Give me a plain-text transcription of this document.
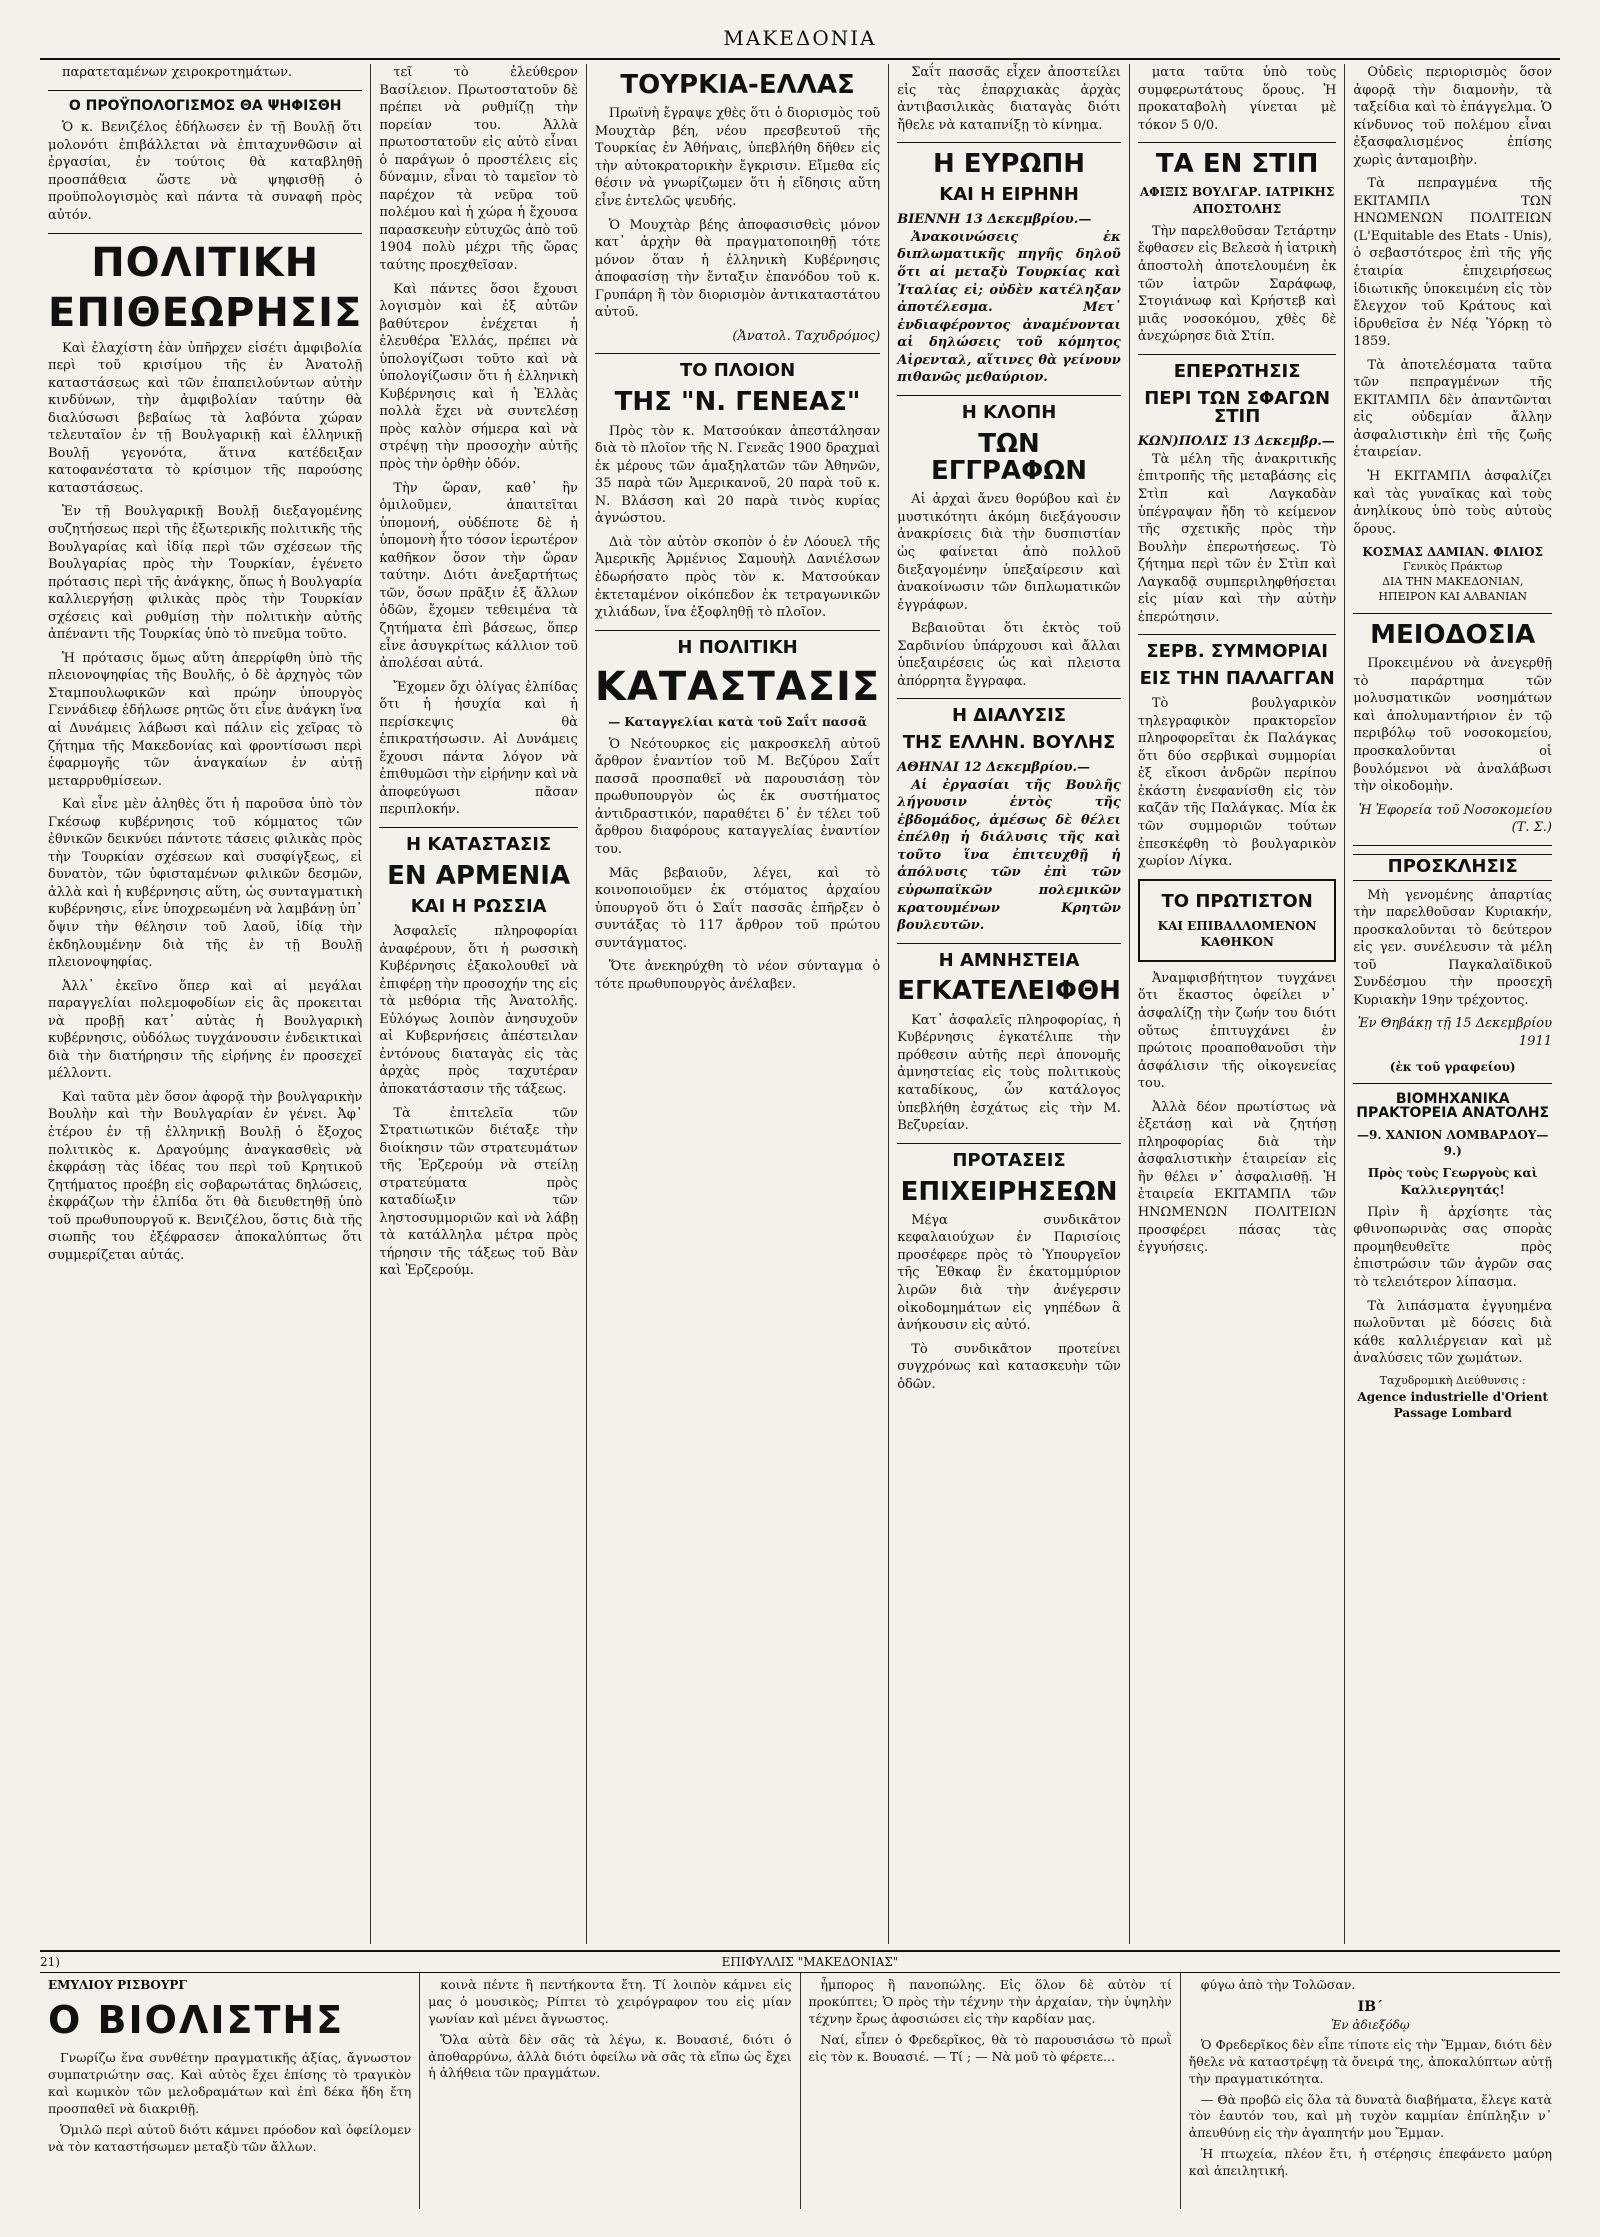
ΜΑΚΕΔΟΝΙΑ

παρατεταμένων χειροκροτημάτων.

Ο ΠΡΟΫΠΟΛΟΓΙΣΜΟΣ ΘΑ ΨΗΦΙΣΘΗ

Ὁ κ. Βενιζέλος ἐδήλωσεν ἐν τῇ Βουλῇ ὅτι μολονότι ἐπιβάλλεται νὰ ἐπιταχυνθῶσιν αἱ ἐργασίαι, ἐν τούτοις θὰ καταβληθῇ προσπάθεια ὥστε νὰ ψηφισθῇ ὁ προϋπολογισμὸς καὶ πάντα τὰ συναφῆ πρὸς αὐτόν.

ΠΟΛΙΤΙΚΗ
ΕΠΙΘΕΩΡΗΣΙΣ

Καὶ ἐλαχίστη ἐὰν ὑπῆρχεν εἰσέτι ἀμφιβολία περὶ τοῦ κρισίμου τῆς ἐν Ἀνατολῇ καταστάσεως καὶ τῶν ἐπαπειλούντων αὐτὴν κινδύνων, τὴν ἀμφιβολίαν ταύτην θὰ διαλύσωσι βεβαίως τὰ λαβόντα χώραν τελευταῖον ἐν τῇ Βουλγαρικῇ καὶ ἑλληνικῇ Βουλῇ γεγονότα, ἅτινα κατέδειξαν κατοφανέστατα τὸ κρίσιμον τῆς παρούσης καταστάσεως.

Ἐν τῇ Βουλγαρικῇ Βουλῇ διεξαγομένης συζητήσεως περὶ τῆς ἐξωτερικῆς πολιτικῆς τῆς Βουλγαρίας καὶ ἰδίᾳ περὶ τῶν σχέσεων τῆς Βουλγαρίας πρὸς τὴν Τουρκίαν, ἐγένετο πρότασις περὶ τῆς ἀνάγκης, ὅπως ἡ Βουλγαρία καλλιεργήσῃ φιλικὰς πρὸς τὴν Τουρκίαν σχέσεις καὶ ρυθμίσῃ τὴν πολιτικὴν αὐτῆς ἀπέναντι τῆς Τουρκίας ὑπὸ τὸ πνεῦμα τοῦτο.

Ἡ πρότασις ὅμως αὕτη ἀπερρίφθη ὑπὸ τῆς πλειονοψηφίας τῆς Βουλῆς, ὁ δὲ ἀρχηγὸς τῶν Σταμπουλωφικῶν καὶ πρώην ὑπουργὸς Γεννάδιεφ ἐδήλωσε ρητῶς ὅτι εἶνε ἀνάγκη ἵνα αἱ Δυνάμεις λάβωσι καὶ πάλιν εἰς χεῖρας τὸ ζήτημα τῆς Μακεδονίας καὶ φροντίσωσι περὶ ἐφαρμογῆς τῶν ἀναγκαίων ἐν αὐτῇ μεταρρυθμίσεων.

Καὶ εἶνε μὲν ἀληθὲς ὅτι ἡ παροῦσα ὑπὸ τὸν Γκέσωφ κυβέρνησις τοῦ κόμματος τῶν ἐθνικῶν δεικνύει πάντοτε τάσεις φιλικὰς πρὸς τὴν Τουρκίαν σχέσεων καὶ συσφίγξεως, εἰ δυνατὸν, τῶν ὑφισταμένων φιλικῶν δεσμῶν, ἀλλὰ καὶ ἡ κυβέρνησις αὕτη, ὡς συνταγματικὴ κυβέρνησις, εἶνε ὑποχρεωμένη νὰ λαμβάνῃ ὑπ᾽ ὄψιν τὴν θέλησιν τοῦ λαοῦ, ἰδίᾳ τὴν ἐκδηλουμένην διὰ τῆς ἐν τῇ Βουλῇ πλειονοψηφίας.

Ἀλλ᾽ ἐκεῖνο ὅπερ καὶ αἱ μεγάλαι παραγγελίαι πολεμοφοδίων εἰς ἃς προκειται νὰ προβῇ κατ᾽ αὐτὰς ἡ Βουλγαρικὴ κυβέρνησις, οὐδόλως τυγχάνουσιν ἐνδεικτικαὶ διὰ τὴν διατήρησιν τῆς εἰρήνης ἐν προσεχεῖ μέλλοντι.

Καὶ ταῦτα μὲν ὅσον ἀφορᾷ τὴν βουλγαρικὴν Βουλὴν καὶ τὴν Βουλγαρίαν ἐν γένει. Ἀφ᾽ ἑτέρου ἐν τῇ ἑλληνικῇ Βουλῇ ὁ ἔξοχος πολιτικὸς κ. Δραγούμης ἀναγκασθεὶς νὰ ἐκφράσῃ τὰς ἰδέας του περὶ τοῦ Κρητικοῦ ζητήματος προέβη εἰς σοβαρωτάτας δηλώσεις, ἐκφράζων τὴν ἐλπίδα ὅτι θὰ διευθετηθῇ ὑπὸ τοῦ πρωθυπουργοῦ κ. Βενιζέλου, ὅστις διὰ τῆς σιωπῆς του ἐξέφρασεν ἀποκαλύπτως ὅτι συμμερίζεται αὐτάς.

τεῖ τὸ ἐλεύθερον Βασίλειον. Πρωτοστατοῦν δὲ πρέπει νὰ ρυθμίζῃ τὴν πορείαν του. Ἀλλὰ πρωτοστατοῦν εἰς αὐτὸ εἶναι ὁ παράγων ὁ προστέλεις εἰς δύναμιν, εἶναι τὸ ταμεῖον τὸ παρέχον τὰ νεῦρα τοῦ πολέμου καὶ ἡ χώρα ἡ ἔχουσα παρασκευὴν εὐτυχῶς ἀπὸ τοῦ 1904 πολὺ μέχρι τῆς ὥρας ταύτης προεχθεῖσαν.

Καὶ πάντες ὅσοι ἔχουσι λογισμὸν καὶ ἐξ αὐτῶν βαθύτερον ἐνέχεται ἡ ἐλευθέρα Ἑλλάς, πρέπει νὰ ὑπολογίζωσι τοῦτο καὶ νὰ ὑπολογίζωσιν ὅτι ἡ ἑλληνικὴ Κυβέρνησις καὶ ἡ Ἑλλὰς πολλὰ ἔχει νὰ συντελέσῃ πρὸς καλὸν σήμερα καὶ νὰ στρέψῃ τὴν προσοχὴν αὐτῆς πρὸς τὴν ὀρθὴν ὁδόν.

Τὴν ὥραν, καθ᾽ ἣν ὁμιλοῦμεν, ἀπαιτεῖται ὑπομονή, οὐδέποτε δὲ ἡ ὑπομονὴ ἦτο τόσον ἱερωτέρον καθῆκον ὅσον τὴν ὥραν ταύτην. Διότι ἀνεξαρτήτως τῶν, ὅσων πρᾶξιν ἐξ ἄλλων ὁδῶν, ἔχομεν τεθειμένα τὰ ζητήματα ἐπὶ βάσεως, ὅπερ εἶνε ἀσυγκρίτως κάλλιον τοῦ ἀπολέσαι αὐτά.

Ἔχομεν ὄχι ὀλίγας ἐλπίδας ὅτι ἡ ἡσυχία καὶ ἡ περίσκεψις θὰ ἐπικρατήσωσιν. Αἱ Δυνάμεις ἔχουσι πάντα λόγον νὰ ἐπιθυμῶσι τὴν εἰρήνην καὶ νὰ ἀποφεύγωσι πᾶσαν περιπλοκήν.

Η ΚΑΤΑΣΤΑΣΙΣ
ΕΝ ΑΡΜΕΝΙΑ
ΚΑΙ Η ΡΩΣΣΙΑ

Ἀσφαλεῖς πληροφορίαι ἀναφέρουν, ὅτι ἡ ρωσσικὴ Κυβέρνησις ἐξακολουθεῖ νὰ ἐπιφέρῃ τὴν προσοχήν της εἰς τὰ μεθόρια τῆς Ἀνατολῆς. Εὐλόγως λοιπὸν ἀνησυχοῦν αἱ Κυβερνήσεις ἀπέστειλαν ἐντόνους διαταγὰς εἰς τὰς ἀρχὰς πρὸς ταχυτέραν ἀποκατάστασιν τῆς τάξεως.

Τὰ ἐπιτελεῖα τῶν Στρατιωτικῶν διέταξε τὴν διοίκησιν τῶν στρατευμάτων τῆς Ἐρζερούμ νὰ στείλῃ στρατεύματα πρὸς καταδίωξιν τῶν ληστοσυμμοριῶν καὶ νὰ λάβῃ τὰ κατάλληλα μέτρα πρὸς τήρησιν τῆς τάξεως τοῦ Βὰν καὶ Ἐρζερούμ.

ΤΟΥΡΚΙΑ-ΕΛΛΑΣ

Πρωϊνὴ ἔγραψε χθὲς ὅτι ὁ διορισμὸς τοῦ Μουχτὰρ βέη, νέου πρεσβευτοῦ τῆς Τουρκίας ἐν Ἀθήναις, ὑπεβλήθη δῆθεν εἰς τὴν αὐτοκρατορικὴν ἔγκρισιν. Εἴμεθα εἰς θέσιν νὰ γνωρίζωμεν ὅτι ἡ εἴδησις αὕτη εἶνε ἐντελῶς ψευδής.

Ὁ Μουχτὰρ βέης ἀποφασισθεὶς μόνον κατ᾽ ἀρχὴν θὰ πραγματοποιηθῇ τότε μόνον ὅταν ἡ ἑλληνικὴ Κυβέρνησις ἀποφασίσῃ τὴν ἔνταξιν ἐπανόδου τοῦ κ. Γρυπάρη ἢ τὸν διορισμὸν ἀντικαταστάτου αὐτοῦ.

(Ἀνατολ. Ταχυδρόμος)
ΤΟ ΠΛΟΙΟΝ
ΤΗΣ "Ν. ΓΕΝΕΑΣ"

Πρὸς τὸν κ. Ματσούκαν ἀπεστάλησαν διὰ τὸ πλοῖον τῆς Ν. Γενεᾶς 1900 δραχμαὶ ἐκ μέρους τῶν ἁμαξηλατῶν τῶν Ἀθηνῶν, 35 παρὰ τῶν Ἀμερικανοῦ, 20 παρὰ τοῦ κ. Ν. Βλάσση καὶ 20 παρὰ τινὸς κυρίας ἀγνώστου.

Διὰ τὸν αὐτὸν σκοπὸν ὁ ἐν Λόουελ τῆς Ἀμερικῆς Ἀρμένιος Σαμουὴλ Δανιέλσων ἐδωρήσατο πρὸς τὸν κ. Ματσούκαν ἐκτεταμένον οἰκόπεδον ἐκ τετραγωνικῶν χιλιάδων, ἵνα ἐξοφληθῇ τὸ πλοῖον.

Η ΠΟΛΙΤΙΚΗ
ΚΑΤΑΣΤΑΣΙΣ
— Καταγγελίαι κατὰ τοῦ Σαΐτ πασσᾶ

Ὁ Νεότουρκος εἰς μακροσκελῆ αὐτοῦ ἄρθρον ἐναντίον τοῦ Μ. Βεζύρου Σαΐτ πασσᾶ προσπαθεῖ νὰ παρουσιάσῃ τὸν πρωθυπουργὸν ὡς ἐκ συστήματος ἀντιδραστικόν, παραθέτει δ᾽ ἐν τέλει τοῦ ἄρθρου διαφόρους καταγγελίας ἐναντίον του.

Μᾶς βεβαιοῦν, λέγει, καὶ τὸ κοινοποιοῦμεν ἐκ στόματος ἀρχαίου ὑπουργοῦ ὅτι ὁ Σαΐτ πασσᾶς ἐπῆρξεν ὁ συντάξας τὸ 117 ἄρθρον τοῦ πρώτου συντάγματος.

Ὅτε ἀνεκηρύχθη τὸ νέον σύνταγμα ὁ τότε πρωθυπουργὸς ἀνέλαβεν.

Σαΐτ πασσᾶς εἶχεν ἀποστείλει εἰς τὰς ἐπαρχιακὰς ἀρχὰς ἀντιβασιλικὰς διαταγὰς διότι ἤθελε νὰ καταπνίξῃ τὸ κίνημα.

Η ΕΥΡΩΠΗ
ΚΑΙ Η ΕΙΡΗΝΗ
ΒΙΕΝΝΗ 13 Δεκεμβρίου.—

Ἀνακοινώσεις ἐκ διπλωματικῆς πηγῆς δηλοῦ ὅτι αἱ μεταξὺ Τουρκίας καὶ Ἰταλίας εἰ; οὐδὲν κατέληξαν ἀποτέλεσμα. Μετ᾽ ἐνδιαφέροντος ἀναμένονται αἱ δηλώσεις τοῦ κόμητος Αἰρενταλ, αἵτινες θὰ γείνουν πιθανῶς μεθαύριον.

Η ΚΛΟΠΗ
ΤΩΝ ΕΓΓΡΑΦΩΝ

Αἱ ἀρχαὶ ἄνευ θορύβου καὶ ἐν μυστικότητι ἀκόμη διεξάγουσιν ἀνακρίσεις διὰ τὴν δυσπιστίαν ὡς φαίνεται ἀπὸ πολλοῦ διεξαγομένην ὑπεξαίρεσιν καὶ ἀνακοίνωσιν τῶν διπλωματικῶν ἐγγράφων.

Βεβαιοῦται ὅτι ἐκτὸς τοῦ Σαρδινίου ὑπάρχουσι καὶ ἄλλαι ὑπεξαιρέσεις ὡς καὶ πλειστα ἀπόρρητα ἔγγραφα.

Η ΔΙΑΛΥΣΙΣ
ΤΗΣ ΕΛΛΗΝ. ΒΟΥΛΗΣ
ΑΘΗΝΑΙ 12 Δεκεμβρίου.—

Αἱ ἐργασίαι τῆς Βουλῆς λήγουσιν ἐντὸς τῆς ἑβδομάδος, ἀμέσως δὲ θέλει ἐπέλθῃ ἡ διάλυσις τῆς καὶ τοῦτο ἵνα ἐπιτευχθῇ ἡ ἀπόλυσις τῶν ἐπὶ τῶν εὐρωπαϊκῶν πολεμικῶν κρατουμένων Κρητῶν βουλευτῶν.

Η ΑΜΝΗΣΤΕΙΑ
ΕΓΚΑΤΕΛΕΙΦΘΗ

Κατ᾽ ἀσφαλεῖς πληροφορίας, ἡ Κυβέρνησις ἐγκατέλιπε τὴν πρόθεσιν αὐτῆς περὶ ἀπονομῆς ἀμνηστείας εἰς τοὺς πολιτικοὺς καταδίκους, ὧν κατάλογος ὑπεβλήθη ἐσχάτως εἰς τὴν Μ. Βεζυρείαν.

ΠΡΟΤΑΣΕΙΣ
ΕΠΙΧΕΙΡΗΣΕΩΝ

Μέγα συνδικᾶτον κεφαλαιούχων ἐν Παρισίοις προσέφερε πρὸς τὸ Ὑπουργεῖον τῆς Ἐθκαφ ἓν ἑκατομμύριον λιρῶν διὰ τὴν ἀνέγερσιν οἰκοδομημάτων εἰς γηπέδων ἃ ἀνήκουσιν εἰς αὐτό.

Τὸ συνδικᾶτον προτείνει συγχρόνως καὶ κατασκευὴν τῶν ὁδῶν.

ματα ταῦτα ὑπὸ τοὺς συμφερωτάτους ὅρους. Ἡ προκαταβολὴ γίνεται μὲ τόκον 5 0/0.

ΤΑ ΕΝ ΣΤΙΠ
ΑΦΙΞΙΣ ΒΟΥΛΓΑΡ. ΙΑΤΡΙΚΗΣ ΑΠΟΣΤΟΛΗΣ

Τὴν παρελθοῦσαν Τετάρτην ἔφθασεν εἰς Βελεσὰ ἡ ἰατρικὴ ἀποστολὴ ἀποτελουμένη ἐκ τῶν ἰατρῶν Σαράφωφ, Στογιάνωφ καὶ Κρήστεβ καὶ μιᾶς νοσοκόμου, χθὲς δὲ ἀνεχώρησε διὰ Στίπ.

ΕΠΕΡΩΤΗΣΙΣ
ΠΕΡΙ ΤΩΝ ΣΦΑΓΩΝ ΣΤΙΠ
ΚΩΝ)ΠΟΛΙΣ 13 Δεκεμβρ.—

Τὰ μέλη τῆς ἀνακριτικῆς ἐπιτροπῆς τῆς μεταβάσης εἰς Στὶπ καὶ Λαγκαδὰν ὑπέγραψαν ἤδη τὸ κείμενον τῆς σχετικῆς πρὸς τὴν Βουλὴν ἐπερωτήσεως. Τὸ ζήτημα περὶ τῶν ἐν Στὶπ καὶ Λαγκαδᾷ συμπεριληφθήσεται εἰς μίαν καὶ τὴν αὐτὴν ἐπερώτησιν.

ΣΕΡΒ. ΣΥΜΜΟΡΙΑΙ
ΕΙΣ ΤΗΝ ΠΑΛΑΓΓΑΝ

Τὸ βουλγαρικὸν τηλεγραφικὸν πρακτορεῖον πληροφορεῖται ἐκ Παλάγκας ὅτι δύο σερβικαὶ συμμορίαι ἐξ εἴκοσι ἀνδρῶν περίπου ἑκάστη ἐνεφανίσθη εἰς τὸν καζᾶν τῆς Παλάγκας. Μία ἐκ τῶν συμμοριῶν τούτων ἐπεσκέφθη τὸ βουλγαρικὸν χωρίον Λίγκα.

ΤΟ ΠΡΩΤΙΣΤΟΝ
ΚΑΙ ΕΠΙΒΑΛΛΟΜΕΝΟΝ ΚΑΘΗΚΟΝ

Ἀναμφισβήτητον τυγχάνει ὅτι ἕκαστος ὀφείλει ν᾽ ἀσφαλίζῃ τὴν ζωήν του διότι οὕτως ἐπιτυγχάνει ἐν πρώτοις προαποθανοῦσι τὴν ἀσφάλισιν τῆς οἰκογενείας του.

Ἀλλὰ δέον πρωτίστως νὰ ἐξετάσῃ καὶ νὰ ζητήσῃ πληροφορίας διὰ τὴν ἀσφαλιστικὴν ἑταιρείαν εἰς ἣν θέλει ν᾽ ἀσφαλισθῇ. Ἡ ἑταιρεία ΕΚΙΤΑΜΠΛ τῶν ΗΝΩΜΕΝΩΝ ΠΟΛΙΤΕΙΩΝ προσφέρει πάσας τὰς ἐγγυήσεις.

Οὐδεὶς περιορισμὸς ὅσον ἀφορᾷ τὴν διαμονὴν, τὰ ταξείδια καὶ τὸ ἐπάγγελμα. Ὁ κίνδυνος τοῦ πολέμου εἶναι ἐξασφαλισμένος ἐπίσης χωρὶς ἀνταμοιβὴν.

Τὰ πεπραγμένα τῆς ΕΚΙΤΑΜΠΛ ΤΩΝ ΗΝΩΜΕΝΩΝ ΠΟΛΙΤΕΙΩΝ (L'Equitable des Etats - Unis), ὁ σεβαστότερος ἐπὶ τῆς γῆς ἑταιρία ἐπιχειρήσεως ἰδιωτικῆς ὑποκειμένη εἰς τὸν ἔλεγχον τοῦ Κράτους καὶ ἱδρυθεῖσα ἐν Νέᾳ Ὑόρκῃ τὸ 1859.

Τὰ ἀποτελέσματα ταῦτα τῶν πεπραγμένων τῆς ΕΚΙΤΑΜΠΛ δὲν ἀπαντῶνται εἰς οὐδεμίαν ἄλλην ἀσφαλιστικὴν ἐπὶ τῆς ζωῆς ἑταιρείαν.

Ἡ ΕΚΙΤΑΜΠΛ ἀσφαλίζει καὶ τὰς γυναῖκας καὶ τοὺς ἀνηλίκους ὑπὸ τοὺς αὐτοὺς ὅρους.

ΚΟΣΜΑΣ ΔΑΜΙΑΝ. ΦΙΛΙΟΣ
Γενικὸς Πράκτωρ
ΔΙΑ ΤΗΝ ΜΑΚΕΔΟΝΙΑΝ, ΗΠΕΙΡΟΝ ΚΑΙ ΑΛΒΑΝΙΑΝ
ΜΕΙΟΔΟΣΙΑ

Προκειμένου νὰ ἀνεγερθῇ τὸ παράρτημα τῶν μολυσματικῶν νοσημάτων καὶ ἀπολυμαντήριον ἐν τῷ περιβόλῳ τοῦ νοσοκομείου, προσκαλοῦνται οἱ βουλόμενοι νὰ ἀναλάβωσι τὴν οἰκοδομὴν.

Ἡ Ἐφορεία τοῦ Νοσοκομείου (Τ. Σ.)
ΠΡΟΣΚΛΗΣΙΣ

Μὴ γενομένης ἀπαρτίας τὴν παρελθοῦσαν Κυριακήν, προσκαλοῦνται τὸ δεύτερον εἰς γεν. συνέλευσιν τὰ μέλη τοῦ Παγκαλαϊδικοῦ Συνδέσμου τὴν προσεχῆ Κυριακὴν 19ην τρέχοντος.

Ἐν Θηβάκῃ τῇ 15 Δεκεμβρίου 1911
(ἐκ τοῦ γραφείου)
ΒΙΟΜΗΧΑΝΙΚΑ ΠΡΑΚΤΟΡΕΙΑ ΑΝΑΤΟΛΗΣ
—9. ΧΑΝΙΟΝ ΛΟΜΒΑΡΔΟΥ—9.)
Πρὸς τοὺς Γεωργοὺς καὶ Καλλιεργητάς!

Πρὶν ἢ ἀρχίσητε τὰς φθινοπωρινὰς σας σπορὰς προμηθευθεῖτε πρὸς ἐπιστρώσιν τῶν ἀγρῶν σας τὸ τελειότερον λίπασμα.

Τὰ λιπάσματα ἐγγυημένα πωλοῦνται μὲ δόσεις διὰ κάθε καλλιέργειαν καὶ μὲ ἀναλύσεις τῶν χωμάτων.

Ταχυδρομικὴ Διεύθυνσις :
Agence industrielle d'Orient
Passage Lombard
21)	ΕΠΙΦΥΛΛΙΣ "ΜΑΚΕΔΟΝΙΑΣ"
ΕΜΥΛΙΟΥ ΡΙΣΒΟΥΡΓ
Ο ΒΙΟΛΙΣΤΗΣ

Γνωρίζω ἕνα συνθέτην πραγματικῆς ἀξίας, ἄγνωστον συμπατριώτην σας. Καὶ αὐτὸς ἔχει ἐπίσης τὸ τραγικὸν καὶ κωμικὸν τῶν μελοδραμάτων καὶ ἐπὶ δέκα ἤδη ἔτη προσπαθεῖ νὰ διακριθῇ.

Ὁμιλῶ περὶ αὐτοῦ διότι κάμνει πρόοδον καὶ ὀφείλομεν νὰ τὸν καταστήσωμεν μεταξὺ τῶν ἄλλων.

κοινὰ πέντε ἢ πεντήκοντα ἔτη. Τί λοιπὸν κάμνει εἰς μας ὁ μουσικὸς; Ρίπτει τὸ χειρόγραφον του εἰς μίαν γωνίαν καὶ μένει ἄγνωστος.

Ὅλα αὐτὰ δὲν σᾶς τὰ λέγω, κ. Βουασιέ, διότι ὁ ἀποθαρρύνω, ἀλλὰ διότι ὀφείλω νὰ σᾶς τὰ εἴπω ὡς ἔχει ἡ ἀλήθεια τῶν πραγμάτων.

ἦμπορος ἢ πανοπώλης. Εἰς ὅλον δὲ αὐτὸν τί προκύπτει; Ὁ πρὸς τὴν τέχνην τὴν ἀρχαίαν, τὴν ὑψηλὴν τέχνην ἔρως ἀφοσιώσει εἰς τὴν καρδίαν μας.

Ναί, εἶπεν ὁ Φρεδερῖκος, θὰ τὸ παρουσιάσω τὸ πρωῒ εἰς τὸν κ. Βουασιέ. — Τί ; — Νὰ μοῦ τὸ φέρετε...

φύγω ἀπὸ τὴν Τολῶσαν.

ΙΒ΄
Ἐν ἀδιεξόδῳ

Ὁ Φρεδερῖκος δὲν εἶπε τίποτε εἰς τὴν Ἔμμαν, διότι δὲν ἤθελε νὰ καταστρέψῃ τὰ ὄνειρά της, ἀποκαλύπτων αὐτῇ τὴν πραγματικότητα.

— Θὰ προβῶ εἰς ὅλα τὰ δυνατὰ διαβήματα, ἔλεγε κατὰ τὸν ἑαυτόν του, καὶ μὴ τυχὸν καμμίαν ἐπίπληξιν ν᾽ ἀπευθύνῃ εἰς τὴν ἀγαπητήν μου Ἔμμαν.

Ἡ πτωχεία, πλέον ἔτι, ἡ στέρησις ἐπεφάνετο μαύρη καὶ ἀπειλητική.
